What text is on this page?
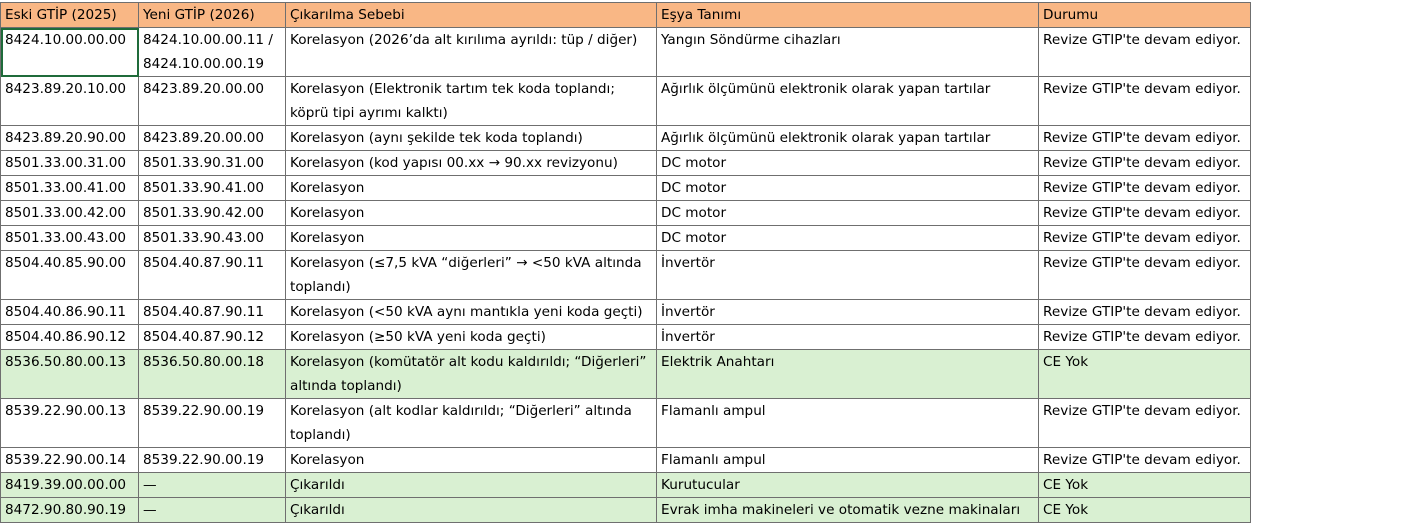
Eski GTİP (2025)	Yeni GTİP (2026)	Çıkarılma Sebebi	Eşya Tanımı	Durumu
8424.10.00.00.00	8424.10.00.00.11 / 8424.10.00.00.19	Korelasyon (2026’da alt kırılıma ayrıldı: tüp / diğer)	Yangın Söndürme cihazları	Revize GTIP'te devam ediyor.
8423.89.20.10.00	8423.89.20.00.00	Korelasyon (Elektronik tartım tek koda toplandı; köprü tipi ayrımı kalktı)	Ağırlık ölçümünü elektronik olarak yapan tartılar	Revize GTIP'te devam ediyor.
8423.89.20.90.00	8423.89.20.00.00	Korelasyon (aynı şekilde tek koda toplandı)	Ağırlık ölçümünü elektronik olarak yapan tartılar	Revize GTIP'te devam ediyor.
8501.33.00.31.00	8501.33.90.31.00	Korelasyon (kod yapısı 00.xx → 90.xx revizyonu)	DC motor	Revize GTIP'te devam ediyor.
8501.33.00.41.00	8501.33.90.41.00	Korelasyon	DC motor	Revize GTIP'te devam ediyor.
8501.33.00.42.00	8501.33.90.42.00	Korelasyon	DC motor	Revize GTIP'te devam ediyor.
8501.33.00.43.00	8501.33.90.43.00	Korelasyon	DC motor	Revize GTIP'te devam ediyor.
8504.40.85.90.00	8504.40.87.90.11	Korelasyon (≤7,5 kVA “diğerleri” → <50 kVA altında toplandı)	İnvertör	Revize GTIP'te devam ediyor.
8504.40.86.90.11	8504.40.87.90.11	Korelasyon (<50 kVA aynı mantıkla yeni koda geçti)	İnvertör	Revize GTIP'te devam ediyor.
8504.40.86.90.12	8504.40.87.90.12	Korelasyon (≥50 kVA yeni koda geçti)	İnvertör	Revize GTIP'te devam ediyor.
8536.50.80.00.13	8536.50.80.00.18	Korelasyon (komütatör alt kodu kaldırıldı; “Diğerleri” altında toplandı)	Elektrik Anahtarı	CE Yok
8539.22.90.00.13	8539.22.90.00.19	Korelasyon (alt kodlar kaldırıldı; “Diğerleri” altında toplandı)	Flamanlı ampul	Revize GTIP'te devam ediyor.
8539.22.90.00.14	8539.22.90.00.19	Korelasyon	Flamanlı ampul	Revize GTIP'te devam ediyor.
8419.39.00.00.00	—	Çıkarıldı	Kurutucular	CE Yok
8472.90.80.90.19	—	Çıkarıldı	Evrak imha makineleri ve otomatik vezne makinaları	CE Yok
